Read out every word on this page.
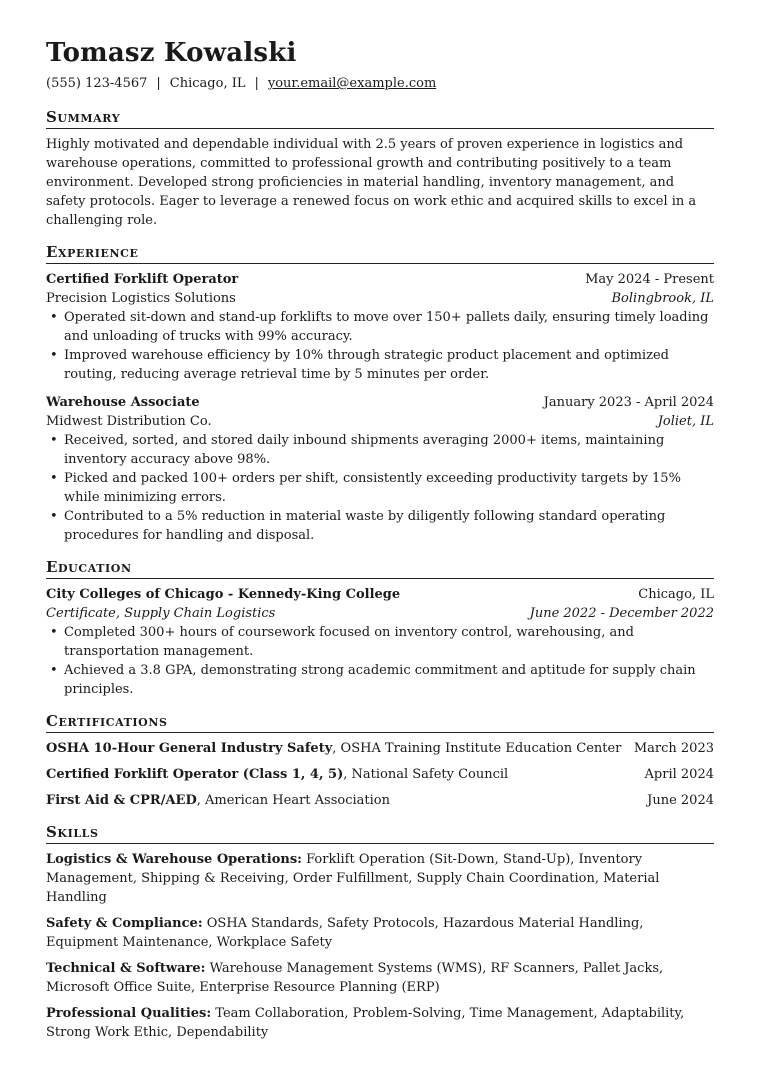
Tomasz Kowalski
(555) 123-4567 | Chicago, IL | your.email@example.com
Summary
Highly motivated and dependable individual with 2.5 years of proven experience in logistics and warehouse operations, committed to professional growth and contributing positively to a team environment. Developed strong proficiencies in material handling, inventory management, and safety protocols. Eager to leverage a renewed focus on work ethic and acquired skills to excel in a challenging role.
Experience
Certified Forklift Operator	May 2024 - Present
Precision Logistics Solutions	Bolingbrook, IL
• Operated sit-down and stand-up forklifts to move over 150+ pallets daily, ensuring timely loading and unloading of trucks with 99% accuracy.
• Improved warehouse efficiency by 10% through strategic product placement and optimized routing, reducing average retrieval time by 5 minutes per order.
Warehouse Associate	January 2023 - April 2024
Midwest Distribution Co.	Joliet, IL
• Received, sorted, and stored daily inbound shipments averaging 2000+ items, maintaining inventory accuracy above 98%.
• Picked and packed 100+ orders per shift, consistently exceeding productivity targets by 15% while minimizing errors.
• Contributed to a 5% reduction in material waste by diligently following standard operating procedures for handling and disposal.
Education
City Colleges of Chicago - Kennedy-King College	Chicago, IL
Certificate, Supply Chain Logistics	June 2022 - December 2022
• Completed 300+ hours of coursework focused on inventory control, warehousing, and transportation management.
• Achieved a 3.8 GPA, demonstrating strong academic commitment and aptitude for supply chain principles.
Certifications
OSHA 10-Hour General Industry Safety, OSHA Training Institute Education Center March 2023
Certified Forklift Operator (Class 1, 4, 5), National Safety Council	April 2024
First Aid & CPR/AED, American Heart Association	June 2024
Skills
Logistics & Warehouse Operations: Forklift Operation (Sit-Down, Stand-Up), Inventory Management, Shipping & Receiving, Order Fulfillment, Supply Chain Coordination, Material Handling
Safety & Compliance: OSHA Standards, Safety Protocols, Hazardous Material Handling, Equipment Maintenance, Workplace Safety
Technical & Software: Warehouse Management Systems (WMS), RF Scanners, Pallet Jacks, Microsoft Office Suite, Enterprise Resource Planning (ERP)
Professional Qualities: Team Collaboration, Problem-Solving, Time Management, Adaptability, Strong Work Ethic, Dependability
